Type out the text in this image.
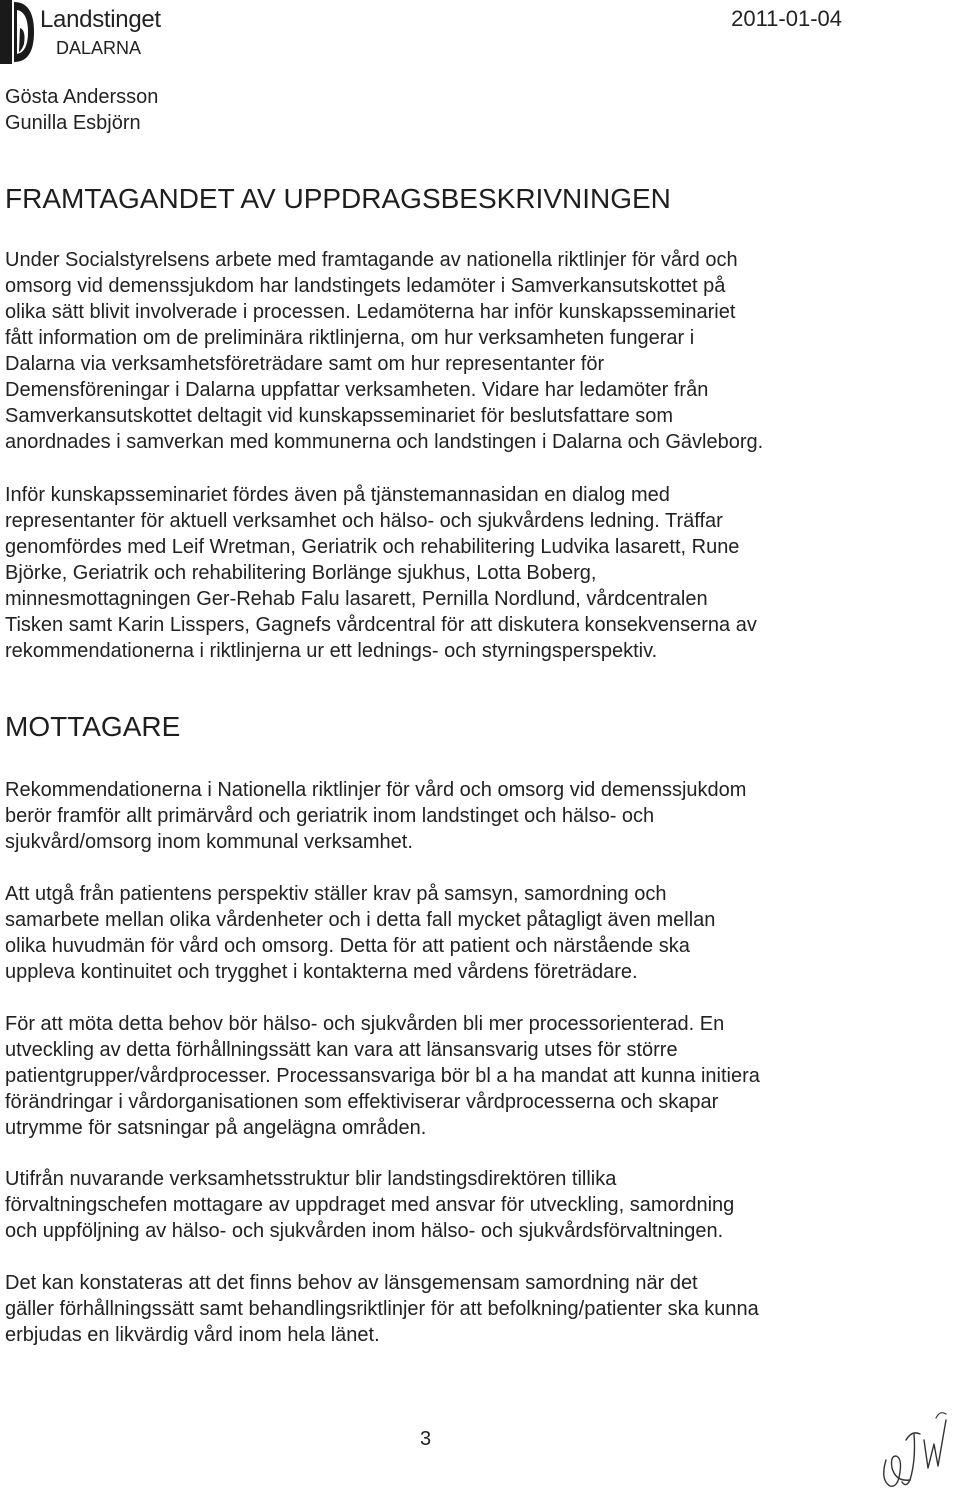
Landstinget
DALARNA
2011-01-04
Gösta Andersson
Gunilla Esbjörn
FRAMTAGANDET AV UPPDRAGSBESKRIVNINGEN
Under Socialstyrelsens arbete med framtagande av nationella riktlinjer för vård och
omsorg vid demenssjukdom har landstingets ledamöter i Samverkansutskottet på
olika sätt blivit involverade i processen. Ledamöterna har inför kunskapsseminariet
fått information om de preliminära riktlinjerna, om hur verksamheten fungerar i
Dalarna via verksamhetsföreträdare samt om hur representanter för
Demensföreningar i Dalarna uppfattar verksamheten. Vidare har ledamöter från
Samverkansutskottet deltagit vid kunskapsseminariet för beslutsfattare som
anordnades i samverkan med kommunerna och landstingen i Dalarna och Gävleborg.
Inför kunskapsseminariet fördes även på tjänstemannasidan en dialog med
representanter för aktuell verksamhet och hälso- och sjukvårdens ledning. Träffar
genomfördes med Leif Wretman, Geriatrik och rehabilitering Ludvika lasarett, Rune
Björke, Geriatrik och rehabilitering Borlänge sjukhus, Lotta Boberg,
minnesmottagningen Ger-Rehab Falu lasarett, Pernilla Nordlund, vårdcentralen
Tisken samt Karin Lisspers, Gagnefs vårdcentral för att diskutera konsekvenserna av
rekommendationerna i riktlinjerna ur ett lednings- och styrningsperspektiv.
MOTTAGARE
Rekommendationerna i Nationella riktlinjer för vård och omsorg vid demenssjukdom
berör framför allt primärvård och geriatrik inom landstinget och hälso- och
sjukvård/omsorg inom kommunal verksamhet.
Att utgå från patientens perspektiv ställer krav på samsyn, samordning och
samarbete mellan olika vårdenheter och i detta fall mycket påtagligt även mellan
olika huvudmän för vård och omsorg. Detta för att patient och närstående ska
uppleva kontinuitet och trygghet i kontakterna med vårdens företrädare.
För att möta detta behov bör hälso- och sjukvården bli mer processorienterad. En
utveckling av detta förhållningssätt kan vara att länsansvarig utses för större
patientgrupper/vårdprocesser. Processansvariga bör bl a ha mandat att kunna initiera
förändringar i vårdorganisationen som effektiviserar vårdprocesserna och skapar
utrymme för satsningar på angelägna områden.
Utifrån nuvarande verksamhetsstruktur blir landstingsdirektören tillika
förvaltningschefen mottagare av uppdraget med ansvar för utveckling, samordning
och uppföljning av hälso- och sjukvården inom hälso- och sjukvårdsförvaltningen.
Det kan konstateras att det finns behov av länsgemensam samordning när det
gäller förhållningssätt samt behandlingsriktlinjer för att befolkning/patienter ska kunna
erbjudas en likvärdig vård inom hela länet.
3
